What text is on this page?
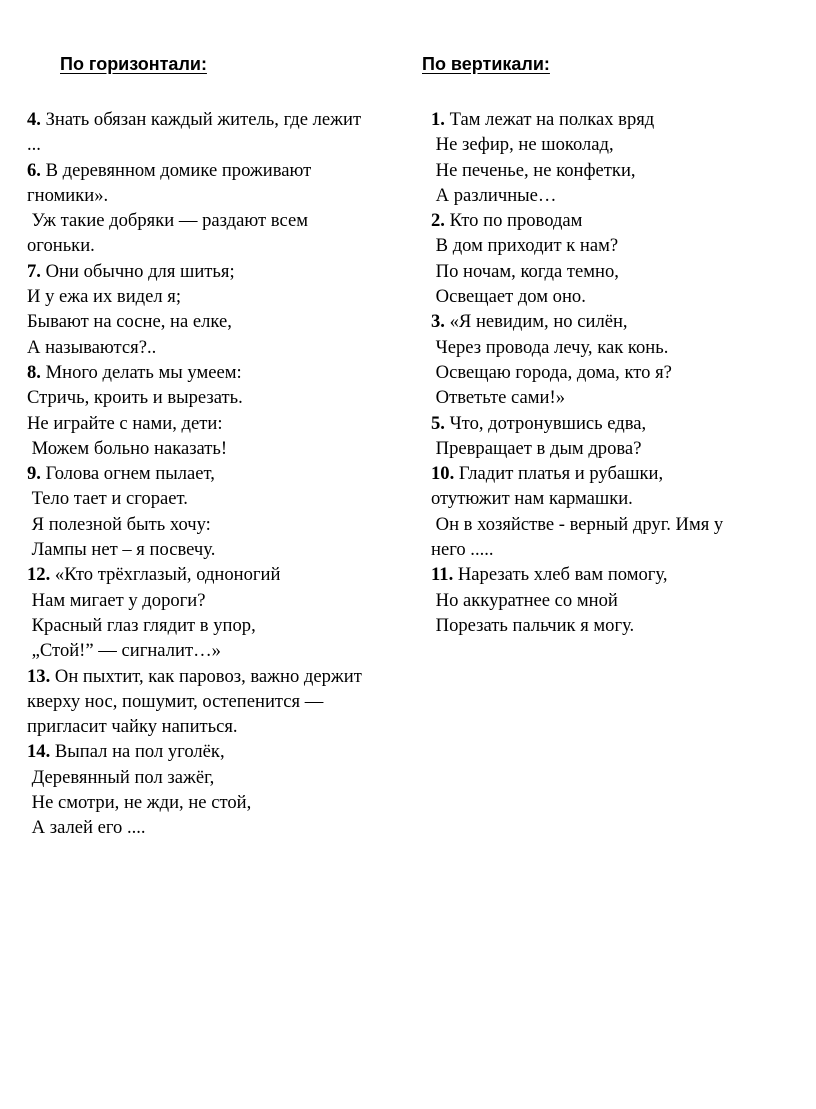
По горизонтали:	По вертикали:
4. Знать обязан каждый житель, где лежит
...
6. В деревянном домике проживают
гномики».
Уж такие добряки — раздают всем
огоньки.
7. Они обычно для шитья;
И у ежа их видел я;
Бывают на сосне, на елке,
А называются?..
8. Много делать мы умеем:
Стричь, кроить и вырезать.
Не играйте с нами, дети:
Можем больно наказать!
9. Голова огнем пылает,
Тело тает и сгорает.
Я полезной быть хочу:
Лампы нет – я посвечу.
12. «Кто трёхглазый, одноногий
Нам мигает у дороги?
Красный глаз глядит в упор,
„Стой!” — сигналит…»
13. Он пыхтит, как паровоз, важно держит
кверху нос, пошумит, остепенится —
пригласит чайку напиться.
14. Выпал на пол уголёк,
Деревянный пол зажёг,
Не смотри, не жди, не стой,
А залей его ....
1. Там лежат на полках вряд
Не зефир, не шоколад,
Не печенье, не конфетки,
А различные…
2. Кто по проводам
В дом приходит к нам?
По ночам, когда темно,
Освещает дом оно.
3. «Я невидим, но силён,
Через провода лечу, как конь.
Освещаю города, дома, кто я?
Ответьте сами!»
5. Что, дотронувшись едва,
Превращает в дым дрова?
10. Гладит платья и рубашки,
отутюжит нам кармашки.
Он в хозяйстве - верный друг. Имя у
него .....
11. Нарезать хлеб вам помогу,
Но аккуратнее со мной
Порезать пальчик я могу.
